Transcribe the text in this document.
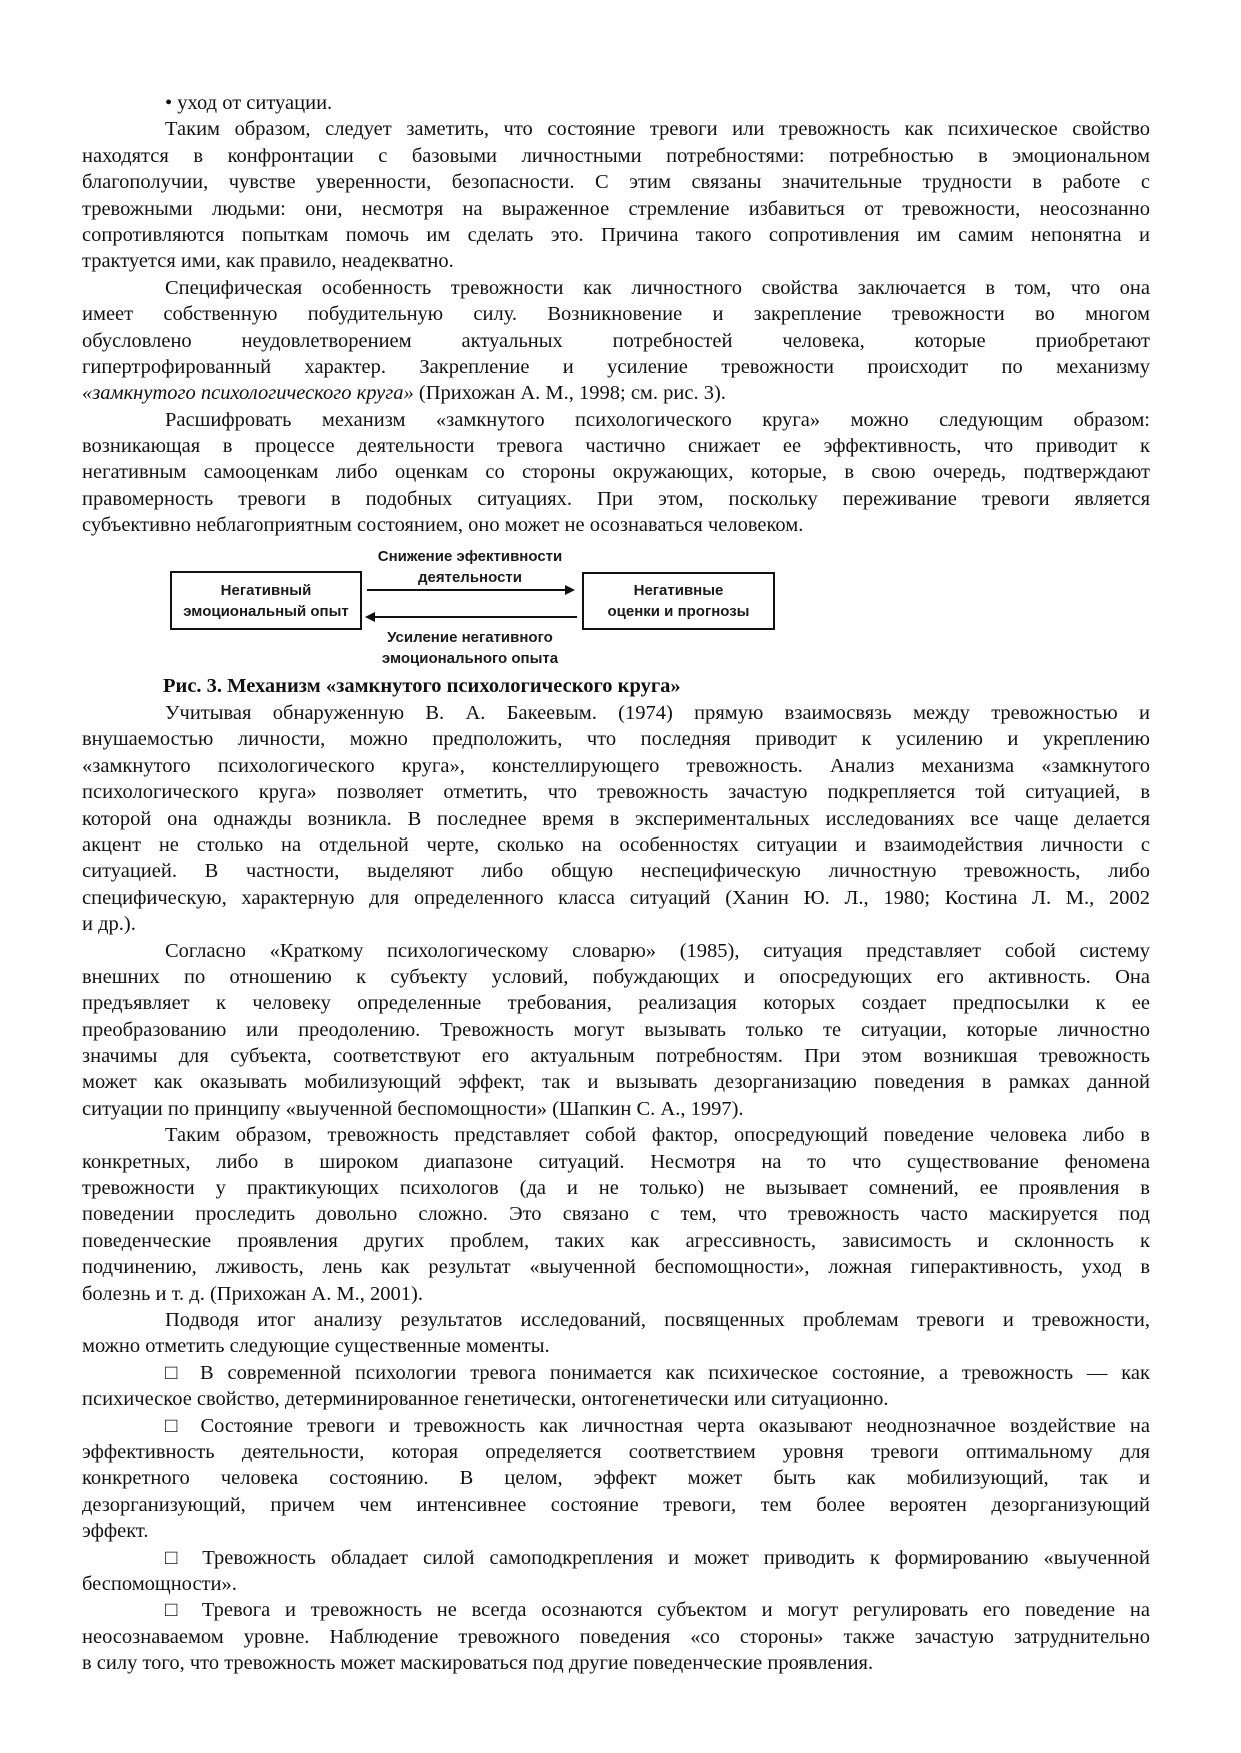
• уход от ситуации.
Таким образом, следует заметить, что состояние тревоги или тревожность как психическое свойство
находятся в конфронтации с базовыми личностными потребностями: потребностью в эмоциональном
благополучии, чувстве уверенности, безопасности. С этим связаны значительные трудности в работе с
тревожными людьми: они, несмотря на выраженное стремление избавиться от тревожности, неосознанно
сопротивляются попыткам помочь им сделать это. Причина такого сопротивления им самим непонятна и
трактуется ими, как правило, неадекватно.
Специфическая особенность тревожности как личностного свойства заключается в том, что она
имеет собственную побудительную силу. Возникновение и закрепление тревожности во многом
обусловлено неудовлетворением актуальных потребностей человека, которые приобретают
гипертрофированный характер. Закрепление и усиление тревожности происходит по механизму
«замкнутого психологического круга» (Прихожан А. М., 1998; см. рис. 3).
Расшифровать механизм «замкнутого психологического круга» можно следующим образом:
возникающая в процессе деятельности тревога частично снижает ее эффективность, что приводит к
негативным самооценкам либо оценкам со стороны окружающих, которые, в свою очередь, подтверждают
правомерность тревоги в подобных ситуациях. При этом, поскольку переживание тревоги является
субъективно неблагоприятным состоянием, оно может не осознаваться человеком.
Снижение эфективности
деятельности
Негативный
эмоциональный опыт
Негативные
оценки и прогнозы
Усиление негативного
эмоционального опыта
Рис. 3. Механизм «замкнутого психологического круга»
Учитывая обнаруженную В. А. Бакеевым. (1974) прямую взаимосвязь между тревожностью и
внушаемостью личности, можно предположить, что последняя приводит к усилению и укреплению
«замкнутого психологического круга», констеллирующего тревожность. Анализ механизма «замкнутого
психологического круга» позволяет отметить, что тревожность зачастую подкрепляется той ситуацией, в
которой она однажды возникла. В последнее время в экспериментальных исследованиях все чаще делается
акцент не столько на отдельной черте, сколько на особенностях ситуации и взаимодействия личности с
ситуацией. В частности, выделяют либо общую неспецифическую личностную тревожность, либо
специфическую, характерную для определенного класса ситуаций (Ханин Ю. Л., 1980; Костина Л. М., 2002
и др.).
Согласно «Краткому психологическому словарю» (1985), ситуация представляет собой систему
внешних по отношению к субъекту условий, побуждающих и опосредующих его активность. Она
предъявляет к человеку определенные требования, реализация которых создает предпосылки к ее
преобразованию или преодолению. Тревожность могут вызывать только те ситуации, которые личностно
значимы для субъекта, соответствуют его актуальным потребностям. При этом возникшая тревожность
может как оказывать мобилизующий эффект, так и вызывать дезорганизацию поведения в рамках данной
ситуации по принципу «выученной беспомощности» (Шапкин С. А., 1997).
Таким образом, тревожность представляет собой фактор, опосредующий поведение человека либо в
конкретных, либо в широком диапазоне ситуаций. Несмотря на то что существование феномена
тревожности у практикующих психологов (да и не только) не вызывает сомнений, ее проявления в
поведении проследить довольно сложно. Это связано с тем, что тревожность часто маскируется под
поведенческие проявления других проблем, таких как агрессивность, зависимость и склонность к
подчинению, лживость, лень как результат «выученной беспомощности», ложная гиперактивность, уход в
болезнь и т. д. (Прихожан А. М., 2001).
Подводя итог анализу результатов исследований, посвященных проблемам тревоги и тревожности,
можно отметить следующие существенные моменты.
□ В современной психологии тревога понимается как психическое состояние, а тревожность — как
психическое свойство, детерминированное генетически, онтогенетически или ситуационно.
□ Состояние тревоги и тревожность как личностная черта оказывают неоднозначное воздействие на
эффективность деятельности, которая определяется соответствием уровня тревоги оптимальному для
конкретного человека состоянию. В целом, эффект может быть как мобилизующий, так и
дезорганизующий, причем чем интенсивнее состояние тревоги, тем более вероятен дезорганизующий
эффект.
□ Тревожность обладает силой самоподкрепления и может приводить к формированию «выученной
беспомощности».
□ Тревога и тревожность не всегда осознаются субъектом и могут регулировать его поведение на
неосознаваемом уровне. Наблюдение тревожного поведения «со стороны» также зачастую затруднительно
в силу того, что тревожность может маскироваться под другие поведенческие проявления.
